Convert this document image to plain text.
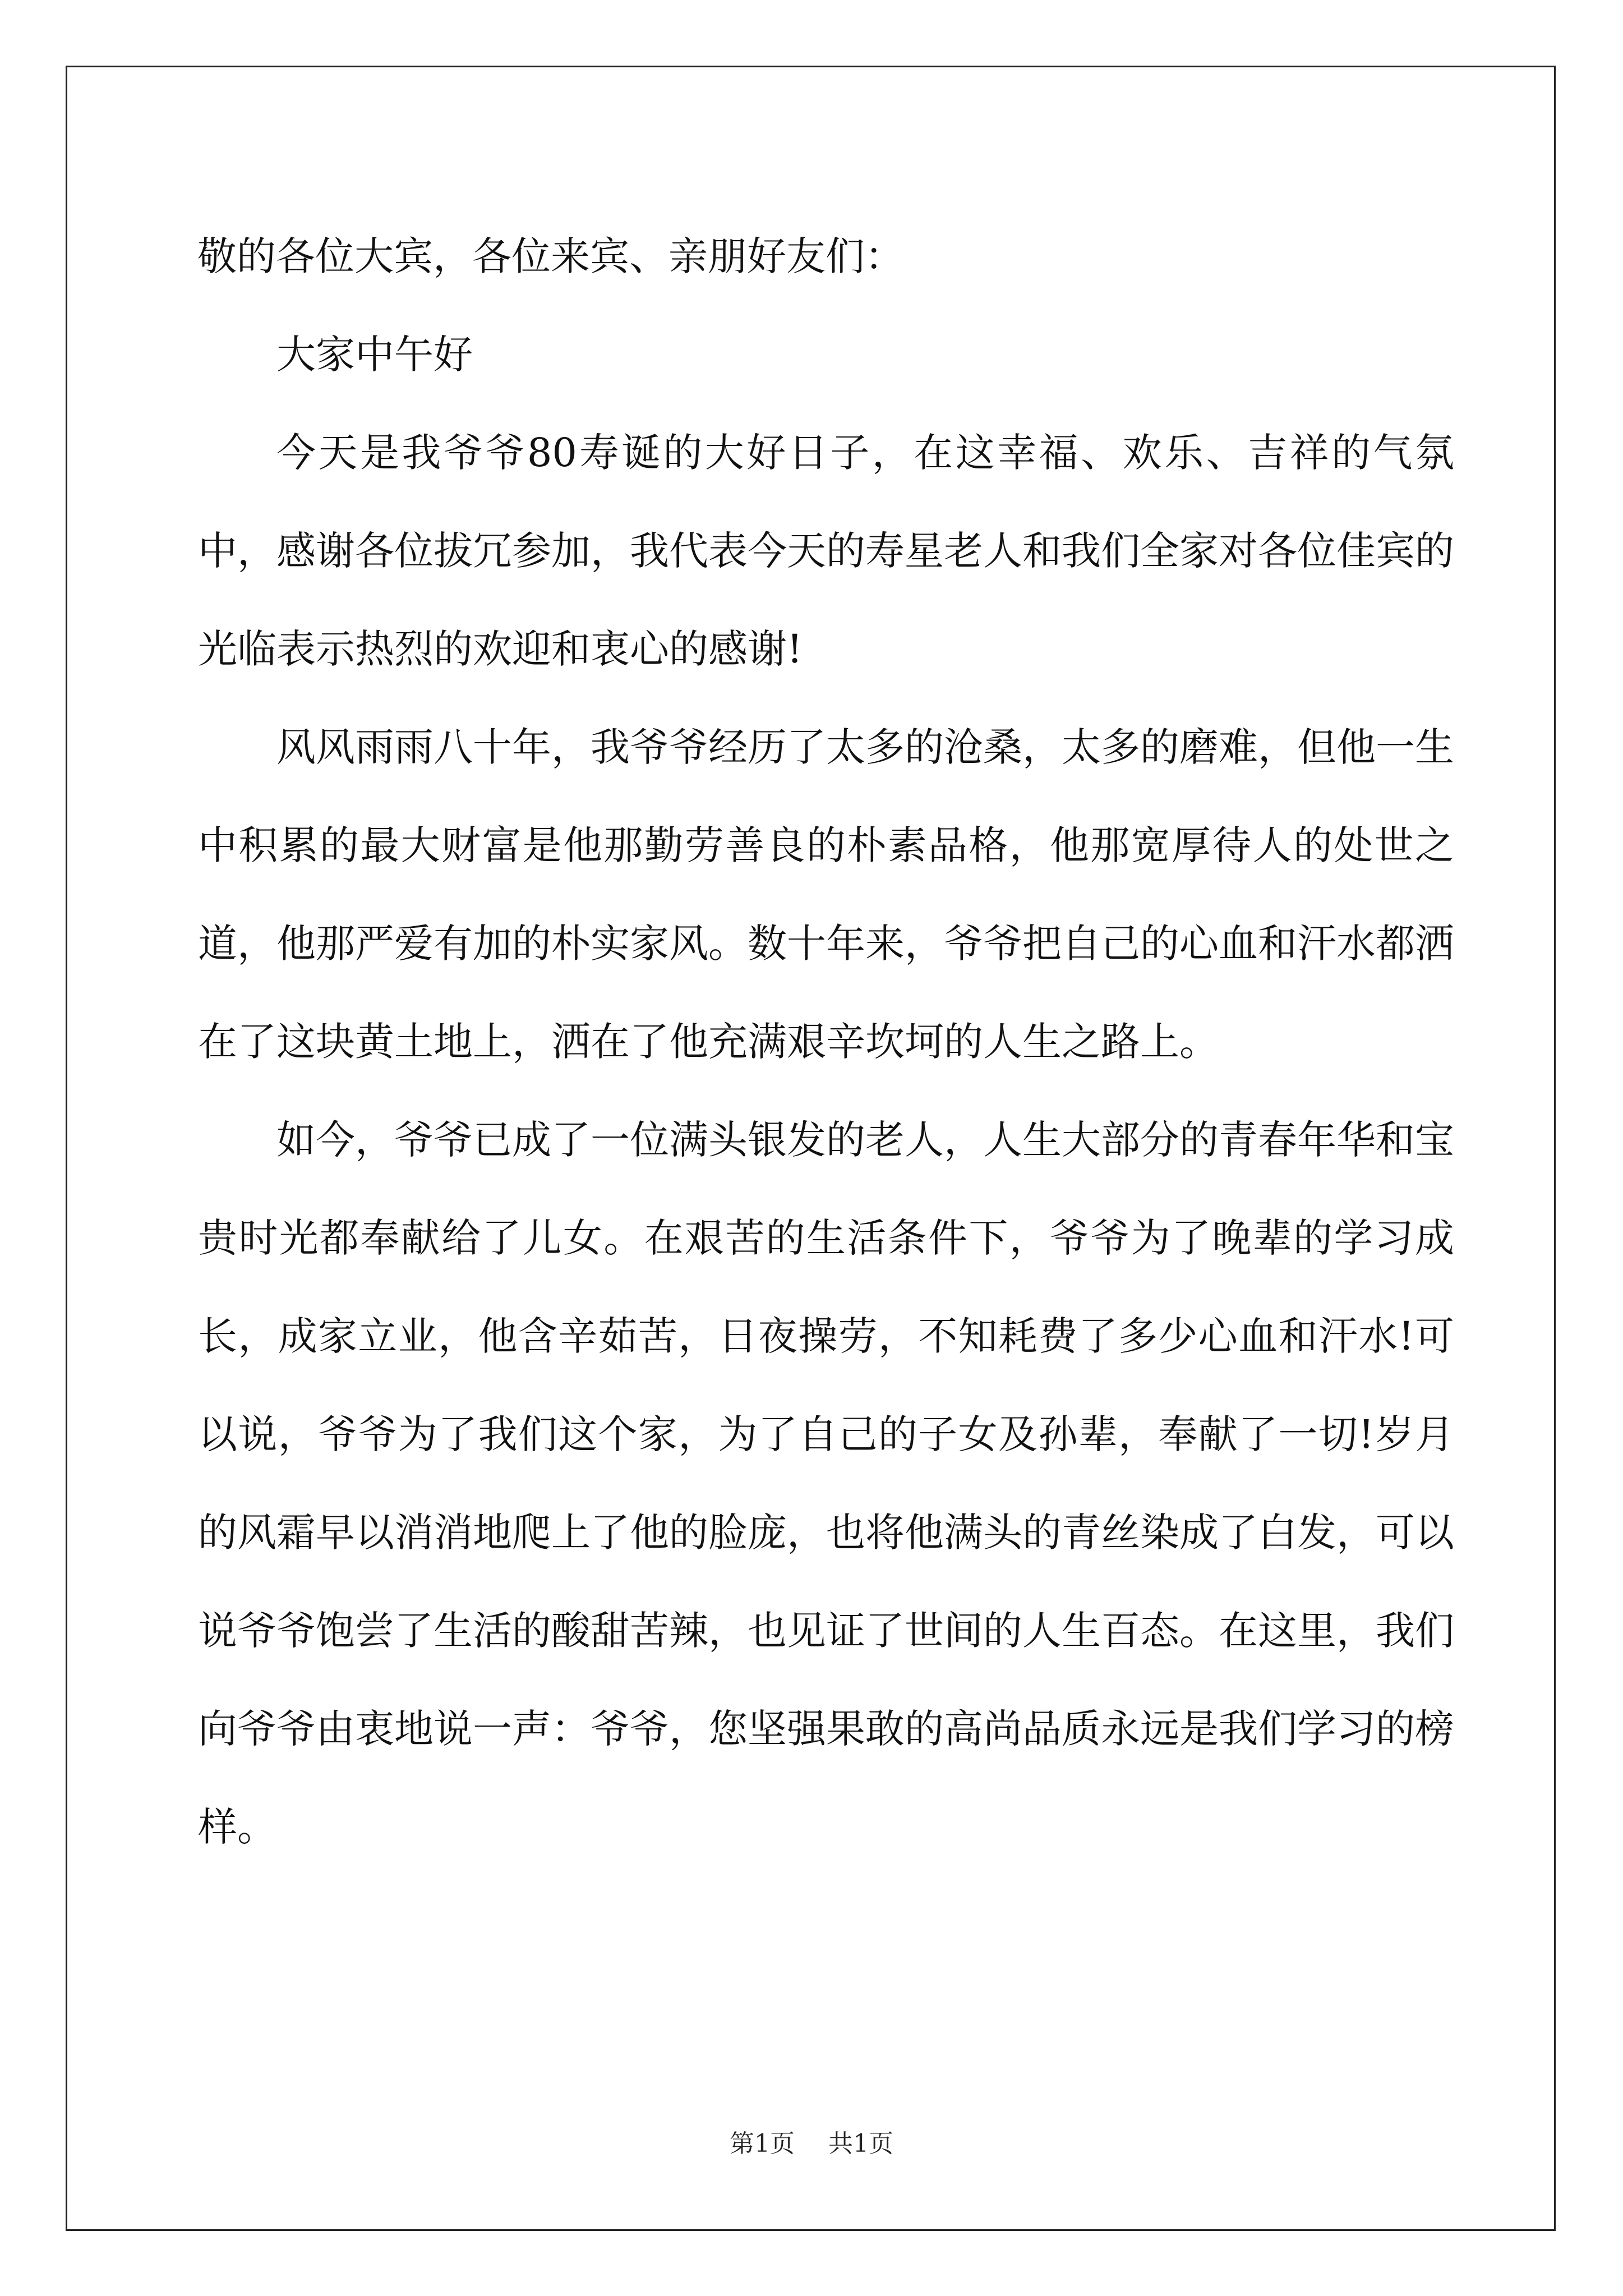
敬的各位大宾，各位来宾、亲朋好友们：

大家中午好

今天是我爷爷80寿诞的大好日子，在这幸福、欢乐、吉祥的气氛中，感谢各位拔冗参加，我代表今天的寿星老人和我们全家对各位佳宾的光临表示热烈的欢迎和衷心的感谢!

风风雨雨八十年，我爷爷经历了太多的沧桑，太多的磨难，但他一生中积累的最大财富是他那勤劳善良的朴素品格，他那宽厚待人的处世之道，他那严爱有加的朴实家风。数十年来，爷爷把自己的心血和汗水都洒在了这块黄土地上，洒在了他充满艰辛坎坷的人生之路上。

如今，爷爷已成了一位满头银发的老人，人生大部分的青春年华和宝贵时光都奉献给了儿女。在艰苦的生活条件下，爷爷为了晚辈的学习成长，成家立业，他含辛茹苦，日夜操劳，不知耗费了多少心血和汗水!可以说，爷爷为了我们这个家，为了自己的子女及孙辈，奉献了一切!岁月的风霜早以消消地爬上了他的脸庞，也将他满头的青丝染成了白发，可以说爷爷饱尝了生活的酸甜苦辣，也见证了世间的人生百态。在这里，我们向爷爷由衷地说一声：爷爷，您坚强果敢的高尚品质永远是我们学习的榜样。

第1页 共1页
